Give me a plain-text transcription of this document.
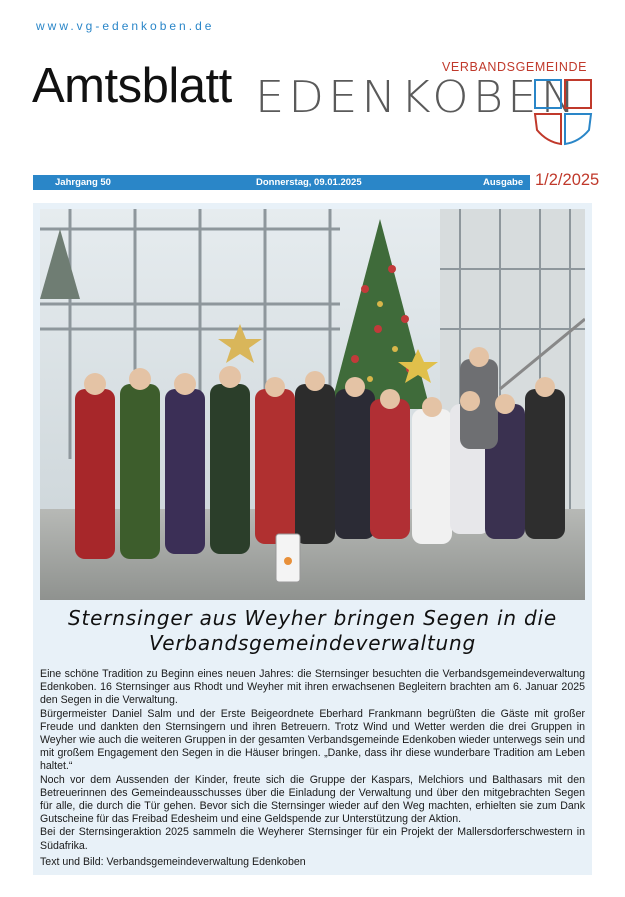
www.vg-edenkoben.de
Amtsblatt	VERBANDSGEMEINDE
EDENKOBEN
Jahrgang 50	Donnerstag, 09.01.2025	Ausgabe 1/2/2025
Sternsinger aus Weyher bringen Segen in die
Verbandsgemeindeverwaltung

Eine schöne Tradition zu Beginn eines neuen Jahres: die Sternsinger besuchten die Verbandsgemeindeverwaltung Edenkoben. 16 Sternsinger aus Rhodt und Weyher mit ihren erwachsenen Begleitern brachten am 6. Januar 2025 den Segen in die Verwaltung.

Bürgermeister Daniel Salm und der Erste Beigeordnete Eberhard Frankmann begrüßten die Gäste mit großer Freude und dankten den Sternsingern und ihren Betreuern. Trotz Wind und Wetter werden die drei Gruppen in Weyher wie auch die weiteren Gruppen in der gesamten Verbandsgemeinde Edenkoben wieder unterwegs sein und mit großem Engagement den Segen in die Häuser bringen. „Danke, dass ihr diese wunderbare Tradition am Leben haltet.“

Noch vor dem Aussenden der Kinder, freute sich die Gruppe der Kaspars, Melchiors und Balthasars mit den Betreuerinnen des Gemeindeausschusses über die Einladung der Verwaltung und über den mitgebrachten Segen für alle, die durch die Tür gehen. Bevor sich die Sternsinger wieder auf den Weg machten, erhielten sie zum Dank Gutscheine für das Freibad Edesheim und eine Geldspende zur Unterstützung der Aktion.

Bei der Sternsingeraktion 2025 sammeln die Weyherer Sternsinger für ein Projekt der Mallersdorferschwestern in Südafrika.

Text und Bild: Verbandsgemeindeverwaltung Edenkoben
